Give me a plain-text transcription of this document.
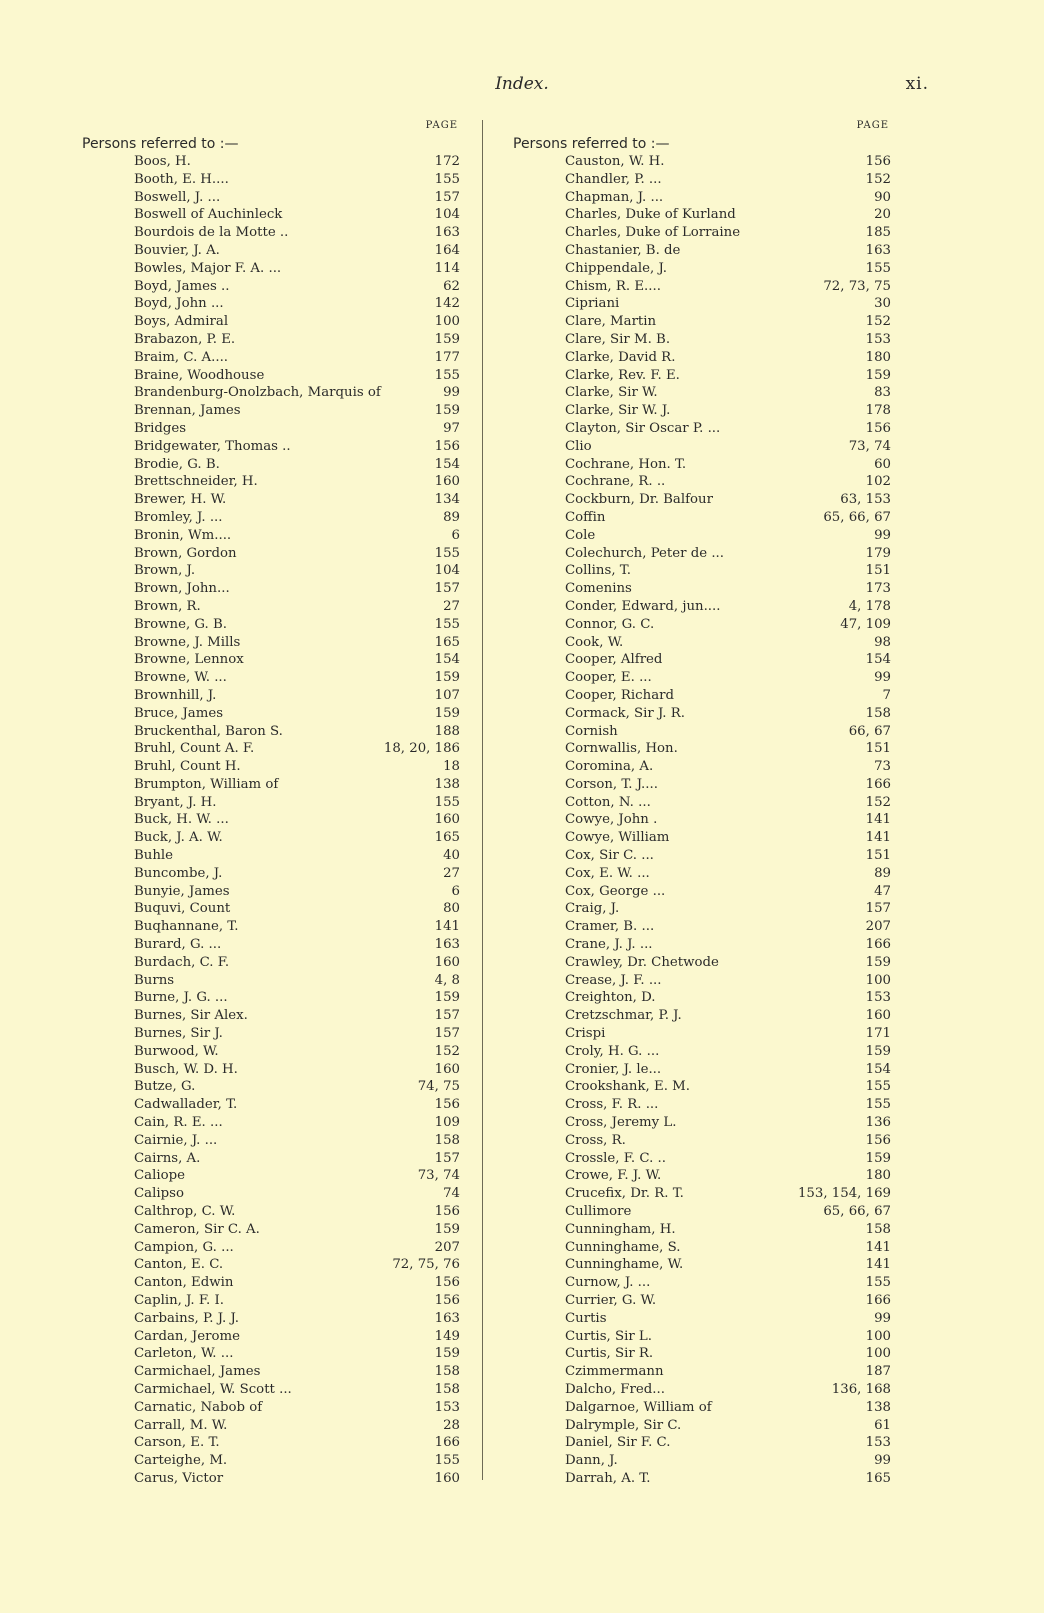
Index.	xi.
PAGE
Persons referred to :—
Boos, H.	172
Booth, E. H....	155
Boswell, J. ...	157
Boswell of Auchinleck	104
Bourdois de la Motte ..	163
Bouvier, J. A.	164
Bowles, Major F. A. ...	114
Boyd, James ..	62
Boyd, John ...	142
Boys, Admiral	100
Brabazon, P. E.	159
Braim, C. A....	177
Braine, Woodhouse	155
Brandenburg-Onolzbach, Marquis of	99
Brennan, James	159
Bridges	97
Bridgewater, Thomas ..	156
Brodie, G. B.	154
Brettschneider, H.	160
Brewer, H. W.	134
Bromley, J. ...	89
Bronin, Wm....	6
Brown, Gordon	155
Brown, J.	104
Brown, John...	157
Brown, R.	27
Browne, G. B.	155
Browne, J. Mills	165
Browne, Lennox	154
Browne, W. ...	159
Brownhill, J.	107
Bruce, James	159
Bruckenthal, Baron S.	188
Bruhl, Count A. F.	18, 20, 186
Bruhl, Count H.	18
Brumpton, William of	138
Bryant, J. H.	155
Buck, H. W. ...	160
Buck, J. A. W.	165
Buhle	40
Buncombe, J.	27
Bunyie, James	6
Buquvi, Count	80
Buqhannane, T.	141
Burard, G. ...	163
Burdach, C. F.	160
Burns	4, 8
Burne, J. G. ...	159
Burnes, Sir Alex.	157
Burnes, Sir J.	157
Burwood, W.	152
Busch, W. D. H.	160
Butze, G.	74, 75
Cadwallader, T.	156
Cain, R. E. ...	109
Cairnie, J. ...	158
Cairns, A.	157
Caliope	73, 74
Calipso	74
Calthrop, C. W.	156
Cameron, Sir C. A.	159
Campion, G. ...	207
Canton, E. C.	72, 75, 76
Canton, Edwin	156
Caplin, J. F. I.	156
Carbains, P. J. J.	163
Cardan, Jerome	149
Carleton, W. ...	159
Carmichael, James	158
Carmichael, W. Scott ...	158
Carnatic, Nabob of	153
Carrall, M. W.	28
Carson, E. T.	166
Carteighe, M.	155
Carus, Victor	160
PAGE
Persons referred to :—
Causton, W. H.	156
Chandler, P. ...	152
Chapman, J. ...	90
Charles, Duke of Kurland	20
Charles, Duke of Lorraine	185
Chastanier, B. de	163
Chippendale, J.	155
Chism, R. E....	72, 73, 75
Cipriani	30
Clare, Martin	152
Clare, Sir M. B.	153
Clarke, David R.	180
Clarke, Rev. F. E.	159
Clarke, Sir W.	83
Clarke, Sir W. J.	178
Clayton, Sir Oscar P. ...	156
Clio	73, 74
Cochrane, Hon. T.	60
Cochrane, R. ..	102
Cockburn, Dr. Balfour	63, 153
Coffin	65, 66, 67
Cole	99
Colechurch, Peter de ...	179
Collins, T.	151
Comenins	173
Conder, Edward, jun....	4, 178
Connor, G. C.	47, 109
Cook, W.	98
Cooper, Alfred	154
Cooper, E. ...	99
Cooper, Richard	7
Cormack, Sir J. R.	158
Cornish	66, 67
Cornwallis, Hon.	151
Coromina, A.	73
Corson, T. J....	166
Cotton, N. ...	152
Cowye, John .	141
Cowye, William	141
Cox, Sir C. ...	151
Cox, E. W. ...	89
Cox, George ...	47
Craig, J.	157
Cramer, B. ...	207
Crane, J. J. ...	166
Crawley, Dr. Chetwode	159
Crease, J. F. ...	100
Creighton, D.	153
Cretzschmar, P. J.	160
Crispi	171
Croly, H. G. ...	159
Cronier, J. le...	154
Crookshank, E. M.	155
Cross, F. R. ...	155
Cross, Jeremy L.	136
Cross, R.	156
Crossle, F. C. ..	159
Crowe, F. J. W.	180
Crucefix, Dr. R. T.	153, 154, 169
Cullimore	65, 66, 67
Cunningham, H.	158
Cunninghame, S.	141
Cunninghame, W.	141
Curnow, J. ...	155
Currier, G. W.	166
Curtis	99
Curtis, Sir L.	100
Curtis, Sir R.	100
Czimmermann	187
Dalcho, Fred...	136, 168
Dalgarnoe, William of	138
Dalrymple, Sir C.	61
Daniel, Sir F. C.	153
Dann, J.	99
Darrah, A. T.	165
